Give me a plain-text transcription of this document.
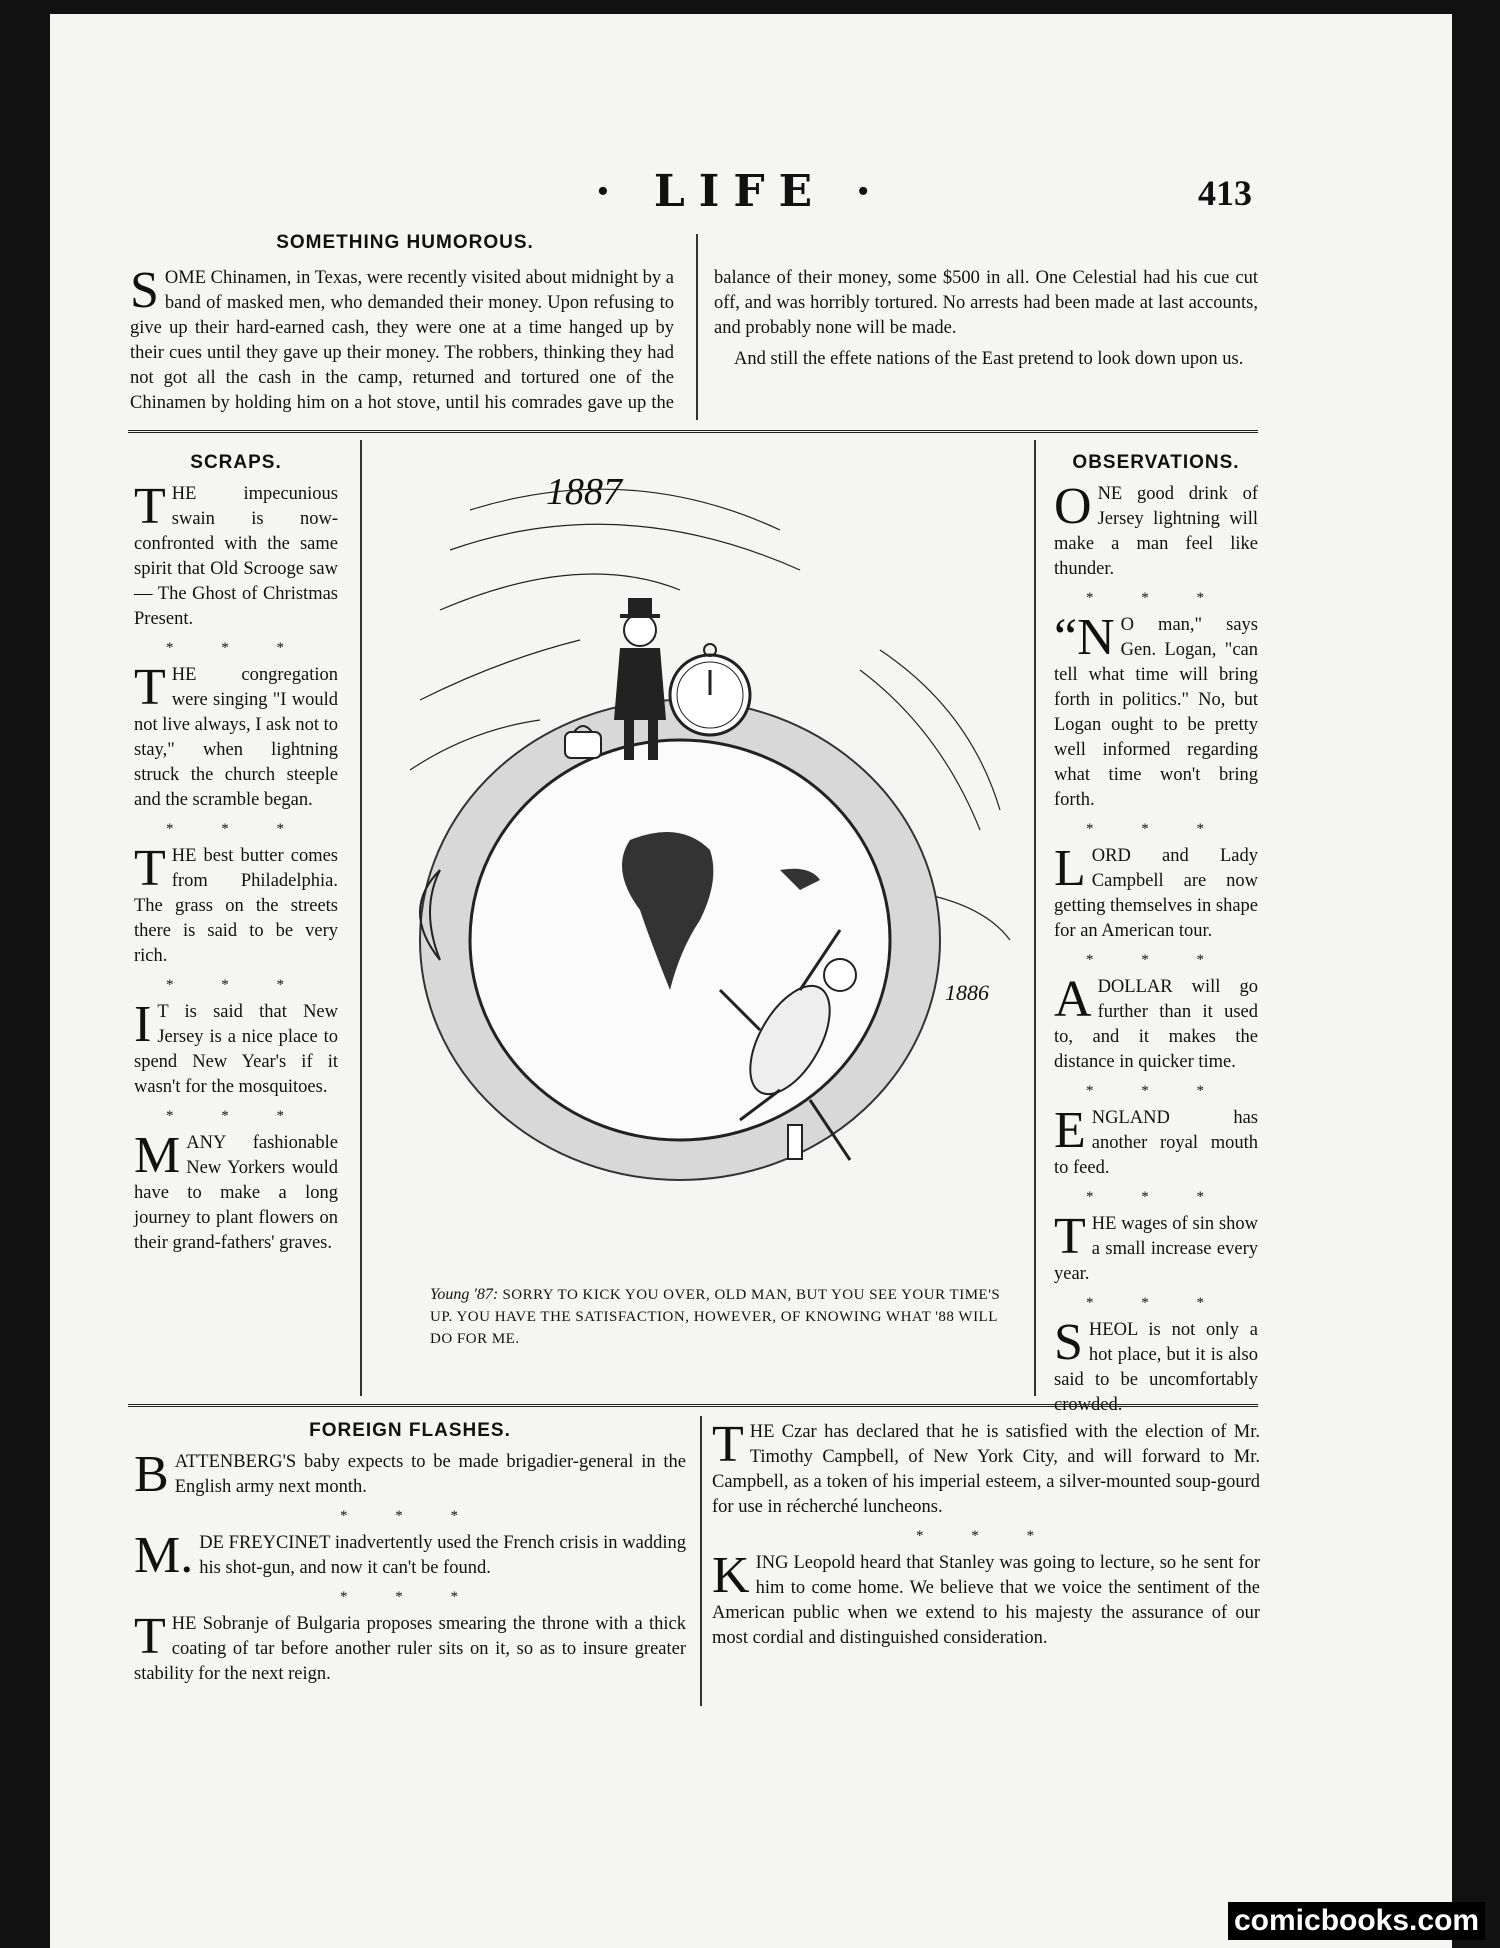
· LIFE ·	413
SOMETHING HUMOROUS.

SOME Chinamen, in Texas, were recently visited about midnight by a band of masked men, who demanded their money. Upon refusing to give up their hard-earned cash, they were one at a time hanged up by their cues until they gave up their money. The robbers, thinking they had not got all the cash in the camp, returned and tortured one of the Chinamen by holding him on a hot stove, until his comrades gave up the balance of their money, some $500 in all. One Celestial had his cue cut off, and was horribly tortured. No arrests had been made at last accounts, and probably none will be made.

And still the effete nations of the East pretend to look down upon us.

SCRAPS.

THE impecunious swain is now-confronted with the same spirit that Old Scrooge saw — The Ghost of Christmas Present.

* * *

THE congregation were singing "I would not live always, I ask not to stay," when lightning struck the church steeple and the scramble began.

* * *

THE best butter comes from Philadelphia. The grass on the streets there is said to be very rich.

* * *

I T is said that New Jersey is a nice place to spend New Year's if it wasn't for the mosquitoes.

* * *

MANY fashionable New Yorkers would have to make a long journey to plant flowers on their grand-fathers' graves.

1887
1886
Young '87: SORRY TO KICK YOU OVER, OLD MAN, BUT YOU SEE YOUR TIME'S UP. YOU HAVE THE SATISFACTION, HOWEVER, OF KNOWING WHAT '88 WILL DO FOR ME.
OBSERVATIONS.

ONE good drink of Jersey lightning will make a man feel like thunder.

* * *

“N O man," says Gen. Logan, "can tell what time will bring forth in politics." No, but Logan ought to be pretty well informed regarding what time won't bring forth.

* * *

LORD and Lady Campbell are now getting themselves in shape for an American tour.

* * *

ADOLLAR will go further than it used to, and it makes the distance in quicker time.

* * *

ENGLAND has another royal mouth to feed.

* * *

THE wages of sin show a small increase every year.

* * *

SHEOL is not only a hot place, but it is also said to be uncomfortably crowded.

FOREIGN FLASHES.

BATTENBERG'S baby expects to be made brigadier-general in the English army next month.

* * *

M. DE FREYCINET inadvertently used the French crisis in wadding his shot-gun, and now it can't be found.

* * *

THE Sobranje of Bulgaria proposes smearing the throne with a thick coating of tar before another ruler sits on it, so as to insure greater stability for the next reign.

THE Czar has declared that he is satisfied with the election of Mr. Timothy Campbell, of New York City, and will forward to Mr. Campbell, as a token of his imperial esteem, a silver-mounted soup-gourd for use in récherché luncheons.

* * *

KING Leopold heard that Stanley was going to lecture, so he sent for him to come home. We believe that we voice the sentiment of the American public when we extend to his majesty the assurance of our most cordial and distinguished consideration.

comicbooks.com
